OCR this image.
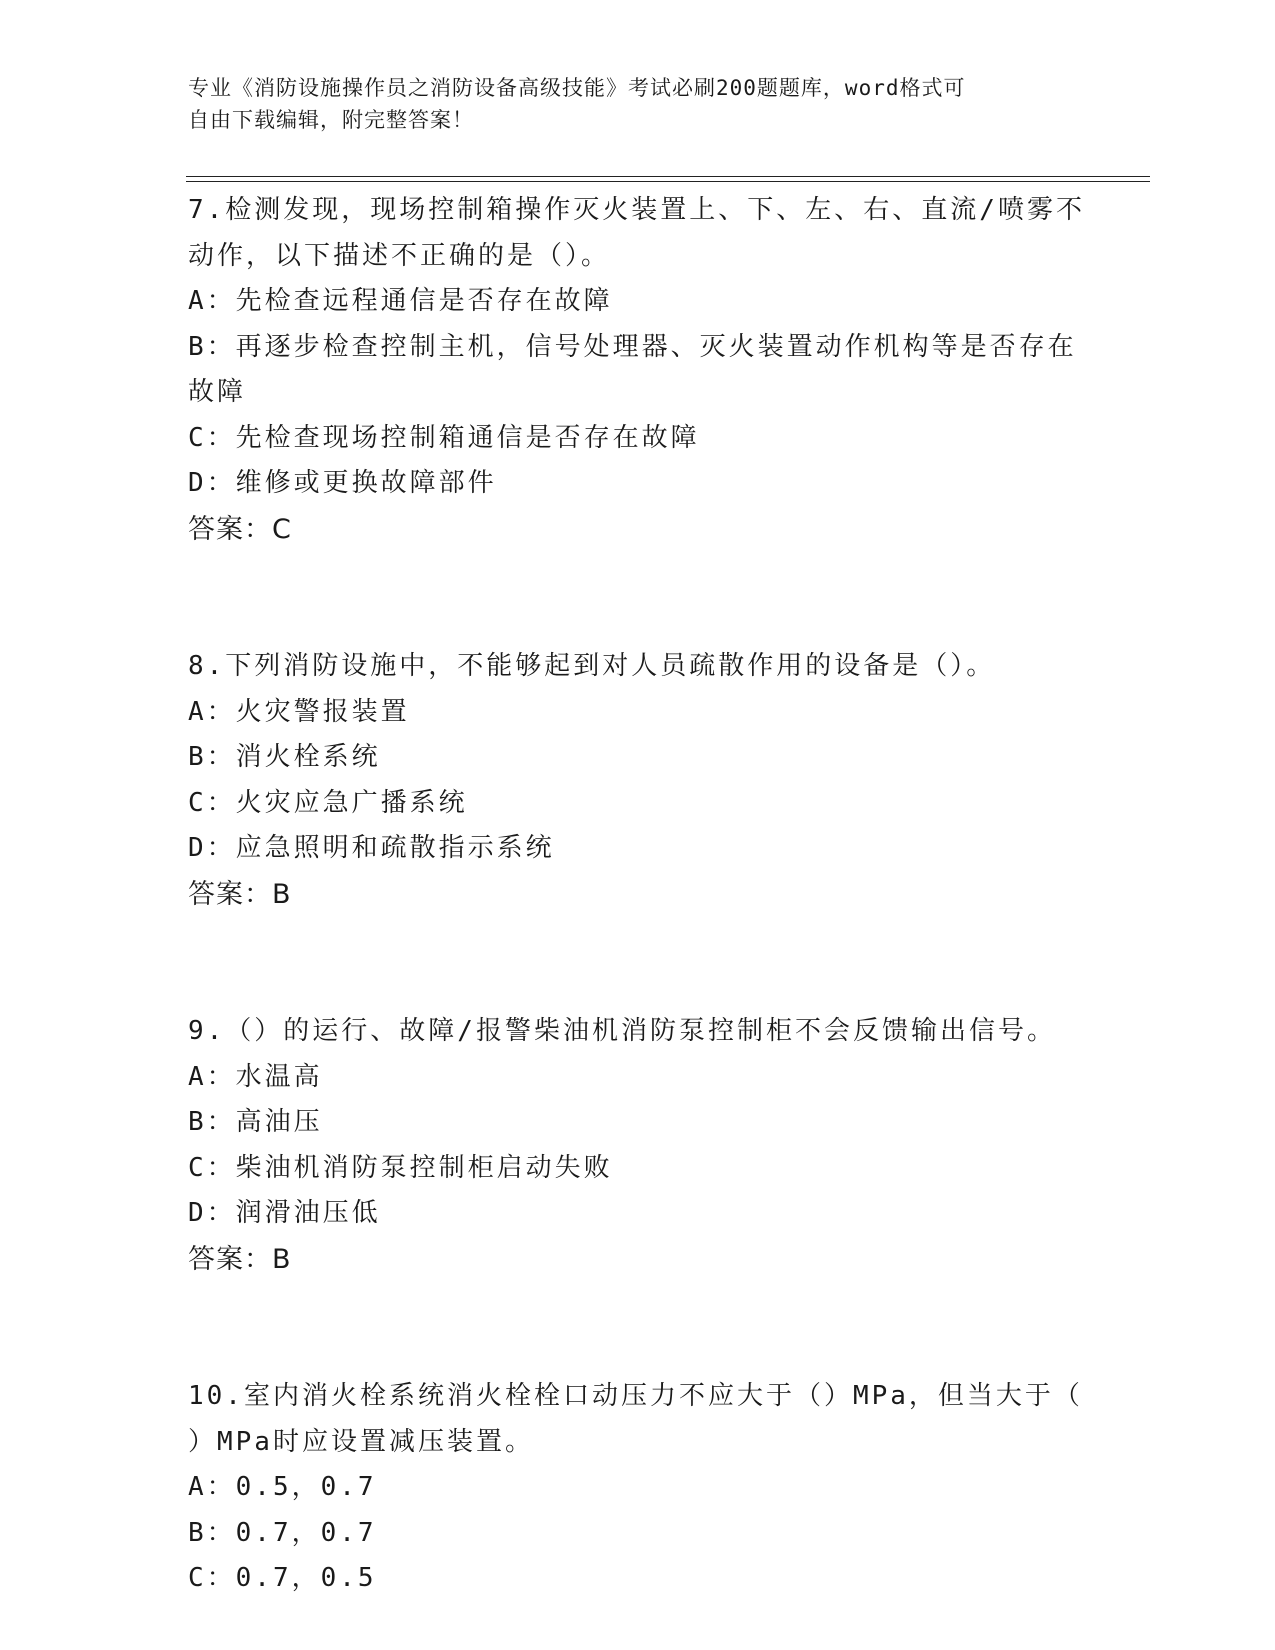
专业《消防设施操作员之消防设备高级技能》考试必刷200题题库，word格式可
自由下载编辑，附完整答案！
7.检测发现，现场控制箱操作灭火装置上、下、左、右、直流/喷雾不
动作，以下描述不正确的是（）。
A：先检查远程通信是否存在故障
B：再逐步检查控制主机，信号处理器、灭火装置动作机构等是否存在
故障
C：先检查现场控制箱通信是否存在故障
D：维修或更换故障部件
答案：C
8.下列消防设施中，不能够起到对人员疏散作用的设备是（）。
A：火灾警报装置
B：消火栓系统
C：火灾应急广播系统
D：应急照明和疏散指示系统
答案：B
9.（）的运行、故障/报警柴油机消防泵控制柜不会反馈输出信号。
A：水温高
B：高油压
C：柴油机消防泵控制柜启动失败
D：润滑油压低
答案：B
10.室内消火栓系统消火栓栓口动压力不应大于（）MPa，但当大于（
）MPa时应设置减压装置。
A：0.5，0.7
B：0.7，0.7
C：0.7，0.5
